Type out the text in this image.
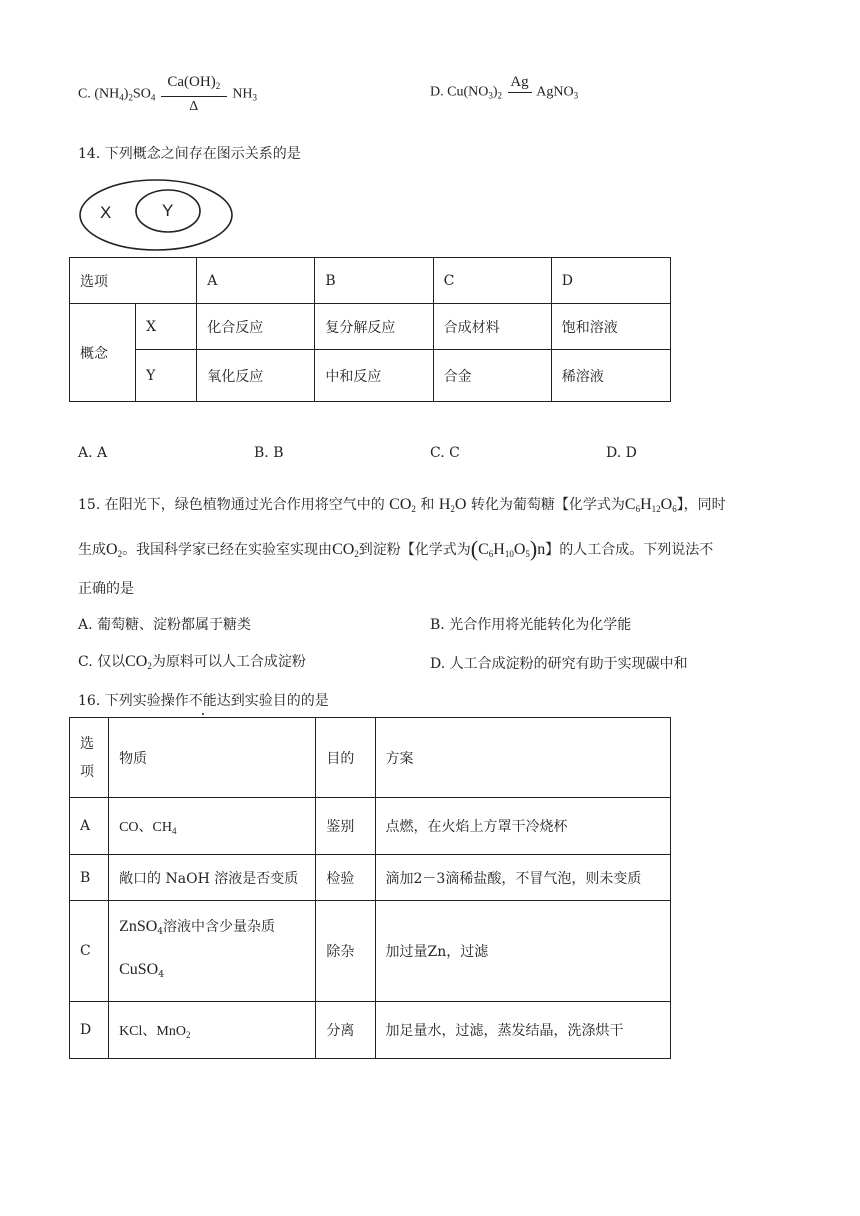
C. $(NH_4)_2SO_4 \frac{Ca(OH)_2}{\Delta} NH_3$	D. $Cu(NO_3)_2$
Ag

AgNO$_3$
14. 下列概念之间存在图示关系的是
X	Y
选项		A	B	C	D
概念	X	化合反应	复分解反应	合成材料	饱和溶液
	Y	氧化反应	中和反应	合金	稀溶液
A. A	B. B	C. C	D. D
15. 在阳光下，绿色植物通过光合作用将空气中的 $CO_2$ 和 $H_2O$ 转化为葡萄糖【化学式为$C_6H_{12}O_6$】，同时
生成$O_2$。我国科学家已经在实验室实现由$CO_2$到淀粉【化学式为$(C_6H_{10}O_5)n$】的人工合成。下列说法不
正确的是
A. 葡萄糖、淀粉都属于糖类	B. 光合作用将光能转化为化学能
C. 仅以$CO_2$为原料可以人工合成淀粉	D. 人工合成淀粉的研究有助于实现碳中和
16. 下列实验操作不能达到实验目的的是
选项	物质	目的	方案
A	CO、$CH_4$	鉴别	点燃，在火焰上方罩干冷烧杯
B	敞口的 NaOH 溶液是否变质	检验	滴加2－3滴稀盐酸，不冒气泡，则未变质
C	ZnSO$_4$溶液中含少量杂质
CuSO$_4$	除杂	加过量Zn，过滤
D	KCl、MnO$_2$	分离	加足量水，过滤，蒸发结晶，洗涤烘干
